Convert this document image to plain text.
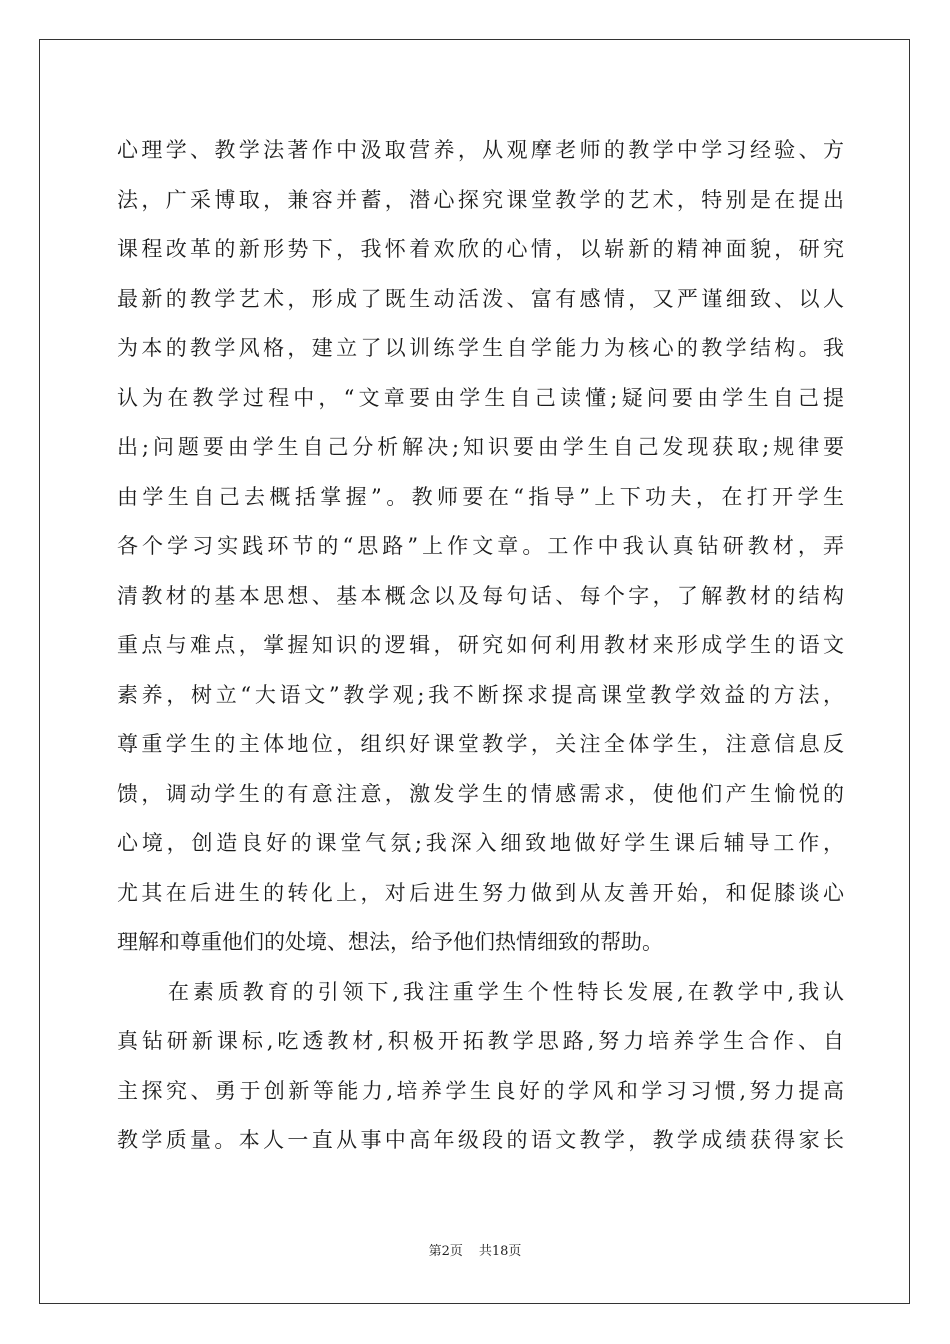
心理学、教学法著作中汲取营养，从观摩老师的教学中学习经验、方
法，广采博取，兼容并蓄，潜心探究课堂教学的艺术，特别是在提出
课程改革的新形势下，我怀着欢欣的心情，以崭新的精神面貌，研究
最新的教学艺术，形成了既生动活泼、富有感情，又严谨细致、以人
为本的教学风格，建立了以训练学生自学能力为核心的教学结构。我
认为在教学过程中，“文章要由学生自己读懂;疑问要由学生自己提
出;问题要由学生自己分析解决;知识要由学生自己发现获取;规律要
由学生自己去概括掌握”。教师要在“指导”上下功夫，在打开学生
各个学习实践环节的“思路”上作文章。工作中我认真钻研教材，弄
清教材的基本思想、基本概念以及每句话、每个字，了解教材的结构
重点与难点，掌握知识的逻辑，研究如何利用教材来形成学生的语文
素养，树立“大语文”教学观;我不断探求提高课堂教学效益的方法，
尊重学生的主体地位，组织好课堂教学，关注全体学生，注意信息反
馈，调动学生的有意注意，激发学生的情感需求，使他们产生愉悦的
心境，创造良好的课堂气氛;我深入细致地做好学生课后辅导工作，
尤其在后进生的转化上，对后进生努力做到从友善开始，和促膝谈心
理解和尊重他们的处境、想法，给予他们热情细致的帮助。
在素质教育的引领下,我注重学生个性特长发展,在教学中,我认
真钻研新课标,吃透教材,积极开拓教学思路,努力培养学生合作、自
主探究、勇于创新等能力,培养学生良好的学风和学习习惯,努力提高
教学质量。本人一直从事中高年级段的语文教学，教学成绩获得家长
第2页 共18页
